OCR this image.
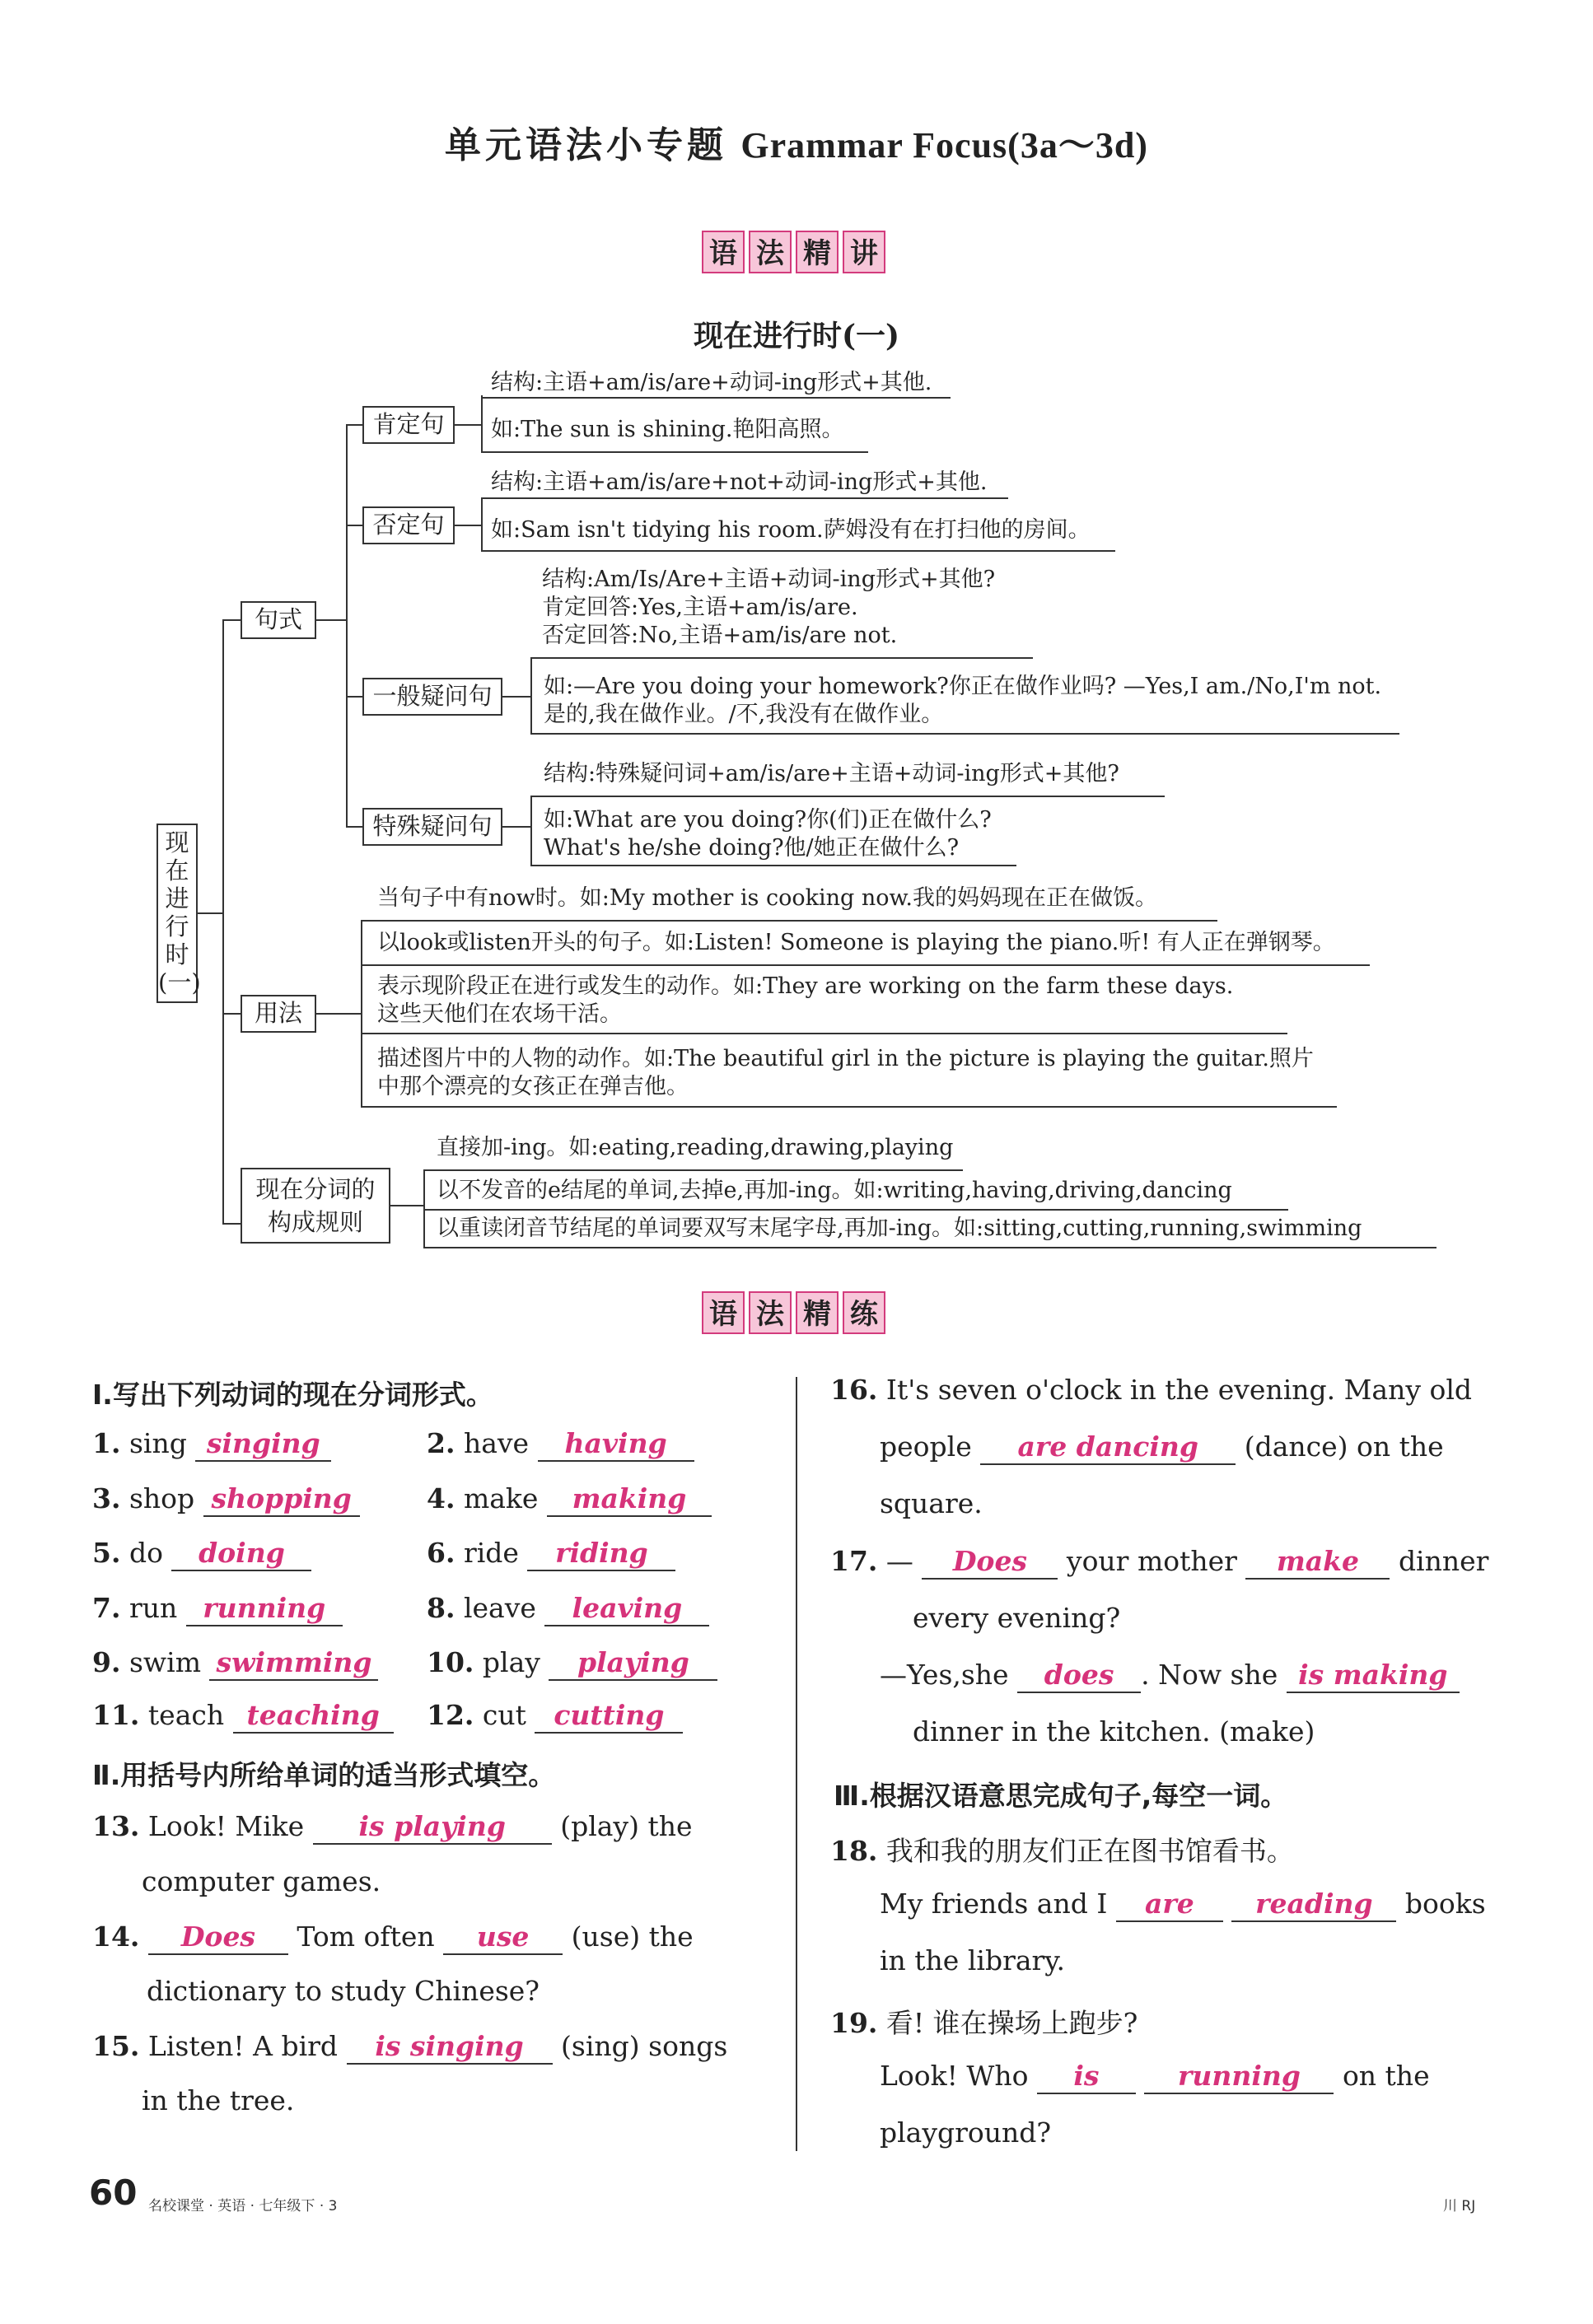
单元语法小专题 Grammar Focus(3a～3d)
语 法 精 讲
现在进行时(一)
现在进行时(一)
句式
肯定句
结构:主语+am/is/are+动词-ing形式+其他.
如:The sun is shining.艳阳高照。
否定句
结构:主语+am/is/are+not+动词-ing形式+其他.
如:Sam isn't tidying his room.萨姆没有在打扫他的房间。
一般疑问句
结构:Am/Is/Are+主语+动词-ing形式+其他?
肯定回答:Yes,主语+am/is/are.
否定回答:No,主语+am/is/are not.
如:—Are you doing your homework?你正在做作业吗? —Yes,I am./No,I'm not.
是的,我在做作业。/不,我没有在做作业。
特殊疑问句
结构:特殊疑问词+am/is/are+主语+动词-ing形式+其他?
如:What are you doing?你(们)正在做什么?
What's he/she doing?他/她正在做什么?
用法
当句子中有now时。如:My mother is cooking now.我的妈妈现在正在做饭。
以look或listen开头的句子。如:Listen! Someone is playing the piano.听! 有人正在弹钢琴。
表示现阶段正在进行或发生的动作。如:They are working on the farm these days.
这些天他们在农场干活。
描述图片中的人物的动作。如:The beautiful girl in the picture is playing the guitar.照片
中那个漂亮的女孩正在弹吉他。
现在分词的构成规则
直接加-ing。如:eating,reading,drawing,playing
以不发音的e结尾的单词,去掉e,再加-ing。如:writing,having,driving,dancing
以重读闭音节结尾的单词要双写末尾字母,再加-ing。如:sitting,cutting,running,swimming
语 法 精 练
Ⅰ.写出下列动词的现在分词形式。
1. sing singing	2. have having
3. shop shopping	4. make making
5. do doing	6. ride riding
7. run running	8. leave leaving
9. swim swimming 10. play playing
11. teach teaching	12. cut cutting
Ⅱ.用括号内所给单词的适当形式填空。
13. Look! Mike is playing (play) the
computer games.
14. Does Tom often use (use) the
dictionary to study Chinese?
15. Listen! A bird is singing (sing) songs
in the tree.
16. It's seven o'clock in the evening. Many old
people are dancing (dance) on the
square.
17. — Does your mother make dinner
every evening?
—Yes,she does . Now she is making
dinner in the kitchen. (make)
Ⅲ.根据汉语意思完成句子,每空一词。
18. 我和我的朋友们正在图书馆看书。
My friends and I are reading books
in the library.
19. 看! 谁在操场上跑步?
Look! Who is	running on the
playground?
60 名校课堂 · 英语 · 七年级下 · 3	川 RJ
